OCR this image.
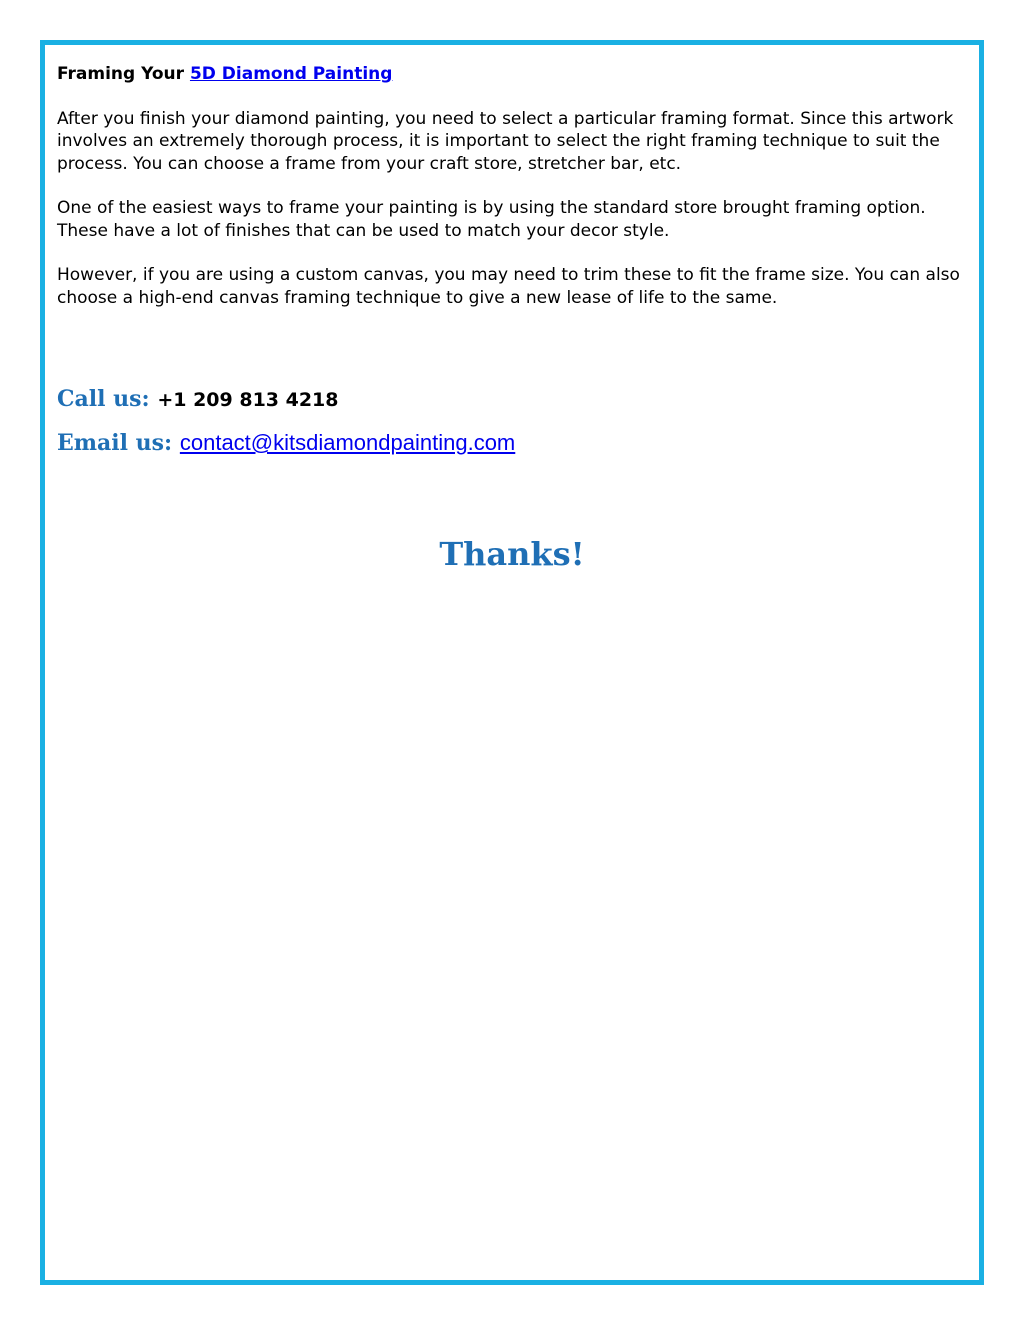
Framing Your 5D Diamond Painting

After you finish your diamond painting, you need to select a particular framing format. Since this artwork involves an extremely thorough process, it is important to select the right framing technique to suit the process. You can choose a frame from your craft store, stretcher bar, etc.

One of the easiest ways to frame your painting is by using the standard store brought framing option. These have a lot of finishes that can be used to match your decor style.

However, if you are using a custom canvas, you may need to trim these to fit the frame size. You can also choose a high-end canvas framing technique to give a new lease of life to the same.

Call us: +1 209 813 4218
Email us: contact@kitsdiamondpainting.com
Thanks!
